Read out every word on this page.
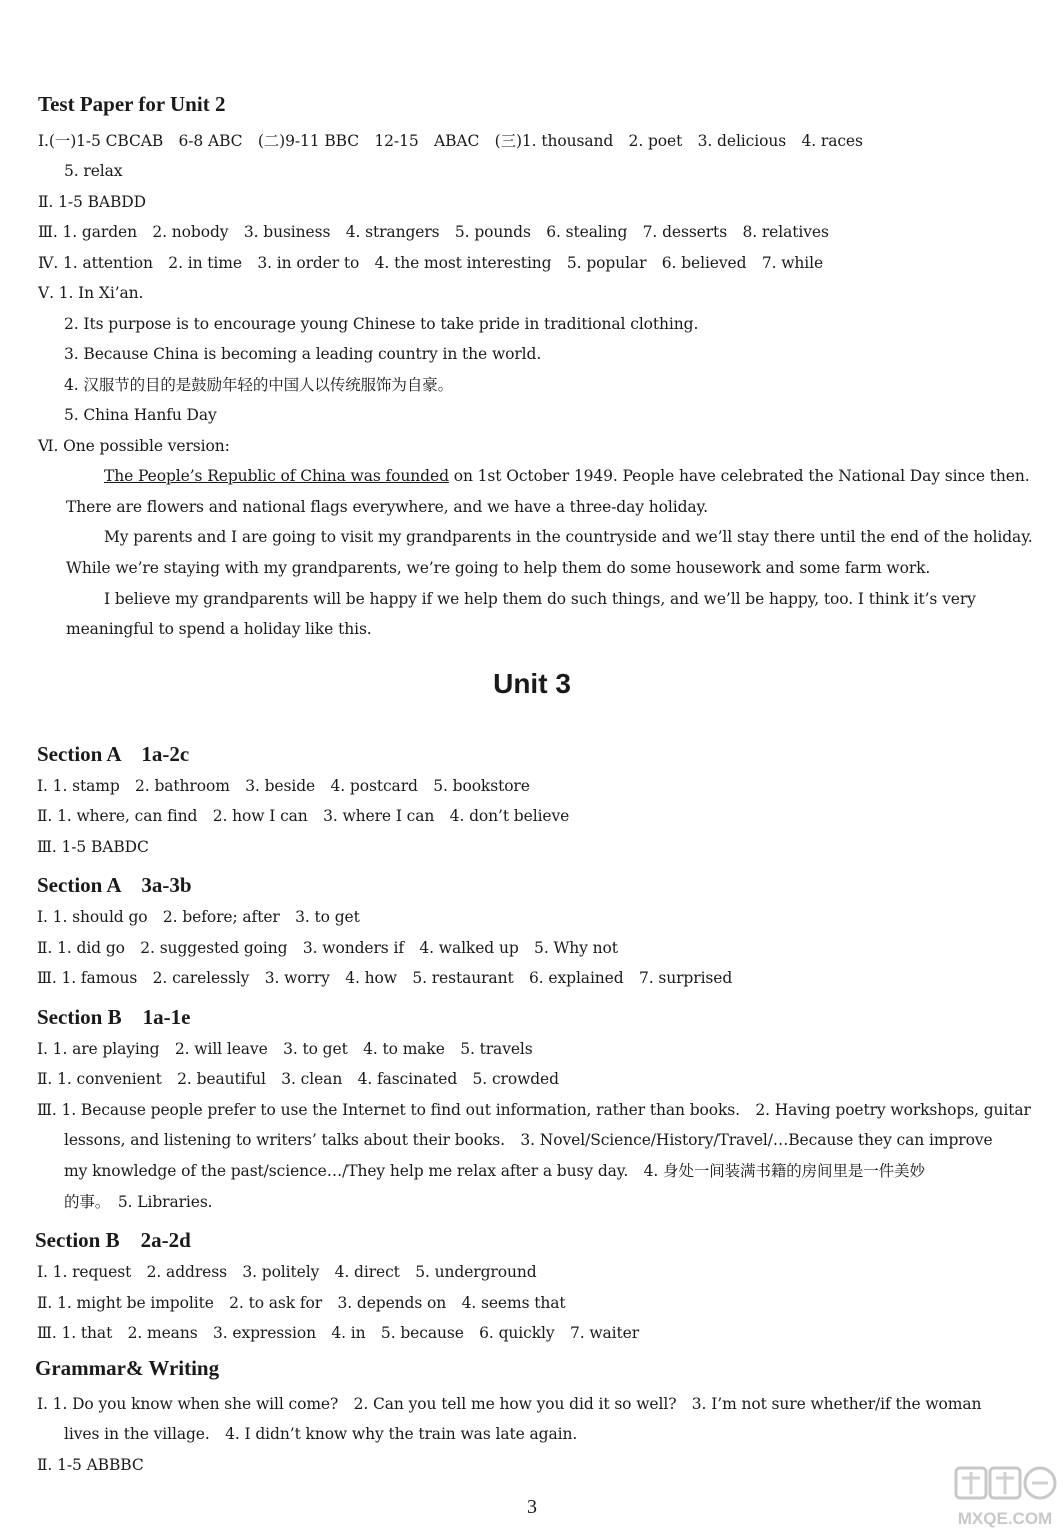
Test Paper for Unit 2
Ⅰ.(一)1-5 CBCAB　6-8 ABC　(二)9-11 BBC　12-15　ABAC　(三)1. thousand　2. poet　3. delicious　4. races
5. relax
Ⅱ. 1-5 BABDD
Ⅲ. 1. garden　2. nobody　3. business　4. strangers　5. pounds　6. stealing　7. desserts　8. relatives
Ⅳ. 1. attention　2. in time　3. in order to　4. the most interesting　5. popular　6. believed　7. while
Ⅴ. 1. In Xi’an.
2. Its purpose is to encourage young Chinese to take pride in traditional clothing.
3. Because China is becoming a leading country in the world.
4. 汉服节的目的是鼓励年轻的中国人以传统服饰为自豪。
5. China Hanfu Day
Ⅵ. One possible version:
The People’s Republic of China was founded on 1st October 1949. People have celebrated the National Day since then.
There are flowers and national flags everywhere, and we have a three-day holiday.
My parents and I are going to visit my grandparents in the countryside and we’ll stay there until the end of the holiday.
While we’re staying with my grandparents, we’re going to help them do some housework and some farm work.
I believe my grandparents will be happy if we help them do such things, and we’ll be happy, too. I think it’s very
meaningful to spend a holiday like this.
Unit 3
Section A　1a-2c
Ⅰ. 1. stamp　2. bathroom　3. beside　4. postcard　5. bookstore
Ⅱ. 1. where, can find　2. how I can　3. where I can　4. don’t believe
Ⅲ. 1-5 BABDC
Section A　3a-3b
Ⅰ. 1. should go　2. before; after　3. to get
Ⅱ. 1. did go　2. suggested going　3. wonders if　4. walked up　5. Why not
Ⅲ. 1. famous　2. carelessly　3. worry　4. how　5. restaurant　6. explained　7. surprised
Section B　1a-1e
Ⅰ. 1. are playing　2. will leave　3. to get　4. to make　5. travels
Ⅱ. 1. convenient　2. beautiful　3. clean　4. fascinated　5. crowded
Ⅲ. 1. Because people prefer to use the Internet to find out information, rather than books.　2. Having poetry workshops, guitar
lessons, and listening to writers’ talks about their books.　3. Novel/Science/History/Travel/…Because they can improve
my knowledge of the past/science…/They help me relax after a busy day.　4. 身处一间装满书籍的房间里是一件美妙
的事。　5. Libraries.
Section B　2a-2d
Ⅰ. 1. request　2. address　3. politely　4. direct　5. underground
Ⅱ. 1. might be impolite　2. to ask for　3. depends on　4. seems that
Ⅲ. 1. that　2. means　3. expression　4. in　5. because　6. quickly　7. waiter
Grammar& Writing
Ⅰ. 1. Do you know when she will come?　2. Can you tell me how you did it so well?　3. I’m not sure whether/if the woman
lives in the village.　4. I didn’t know why the train was late again.
Ⅱ. 1-5 ABBBC
3
MXQE.COM
